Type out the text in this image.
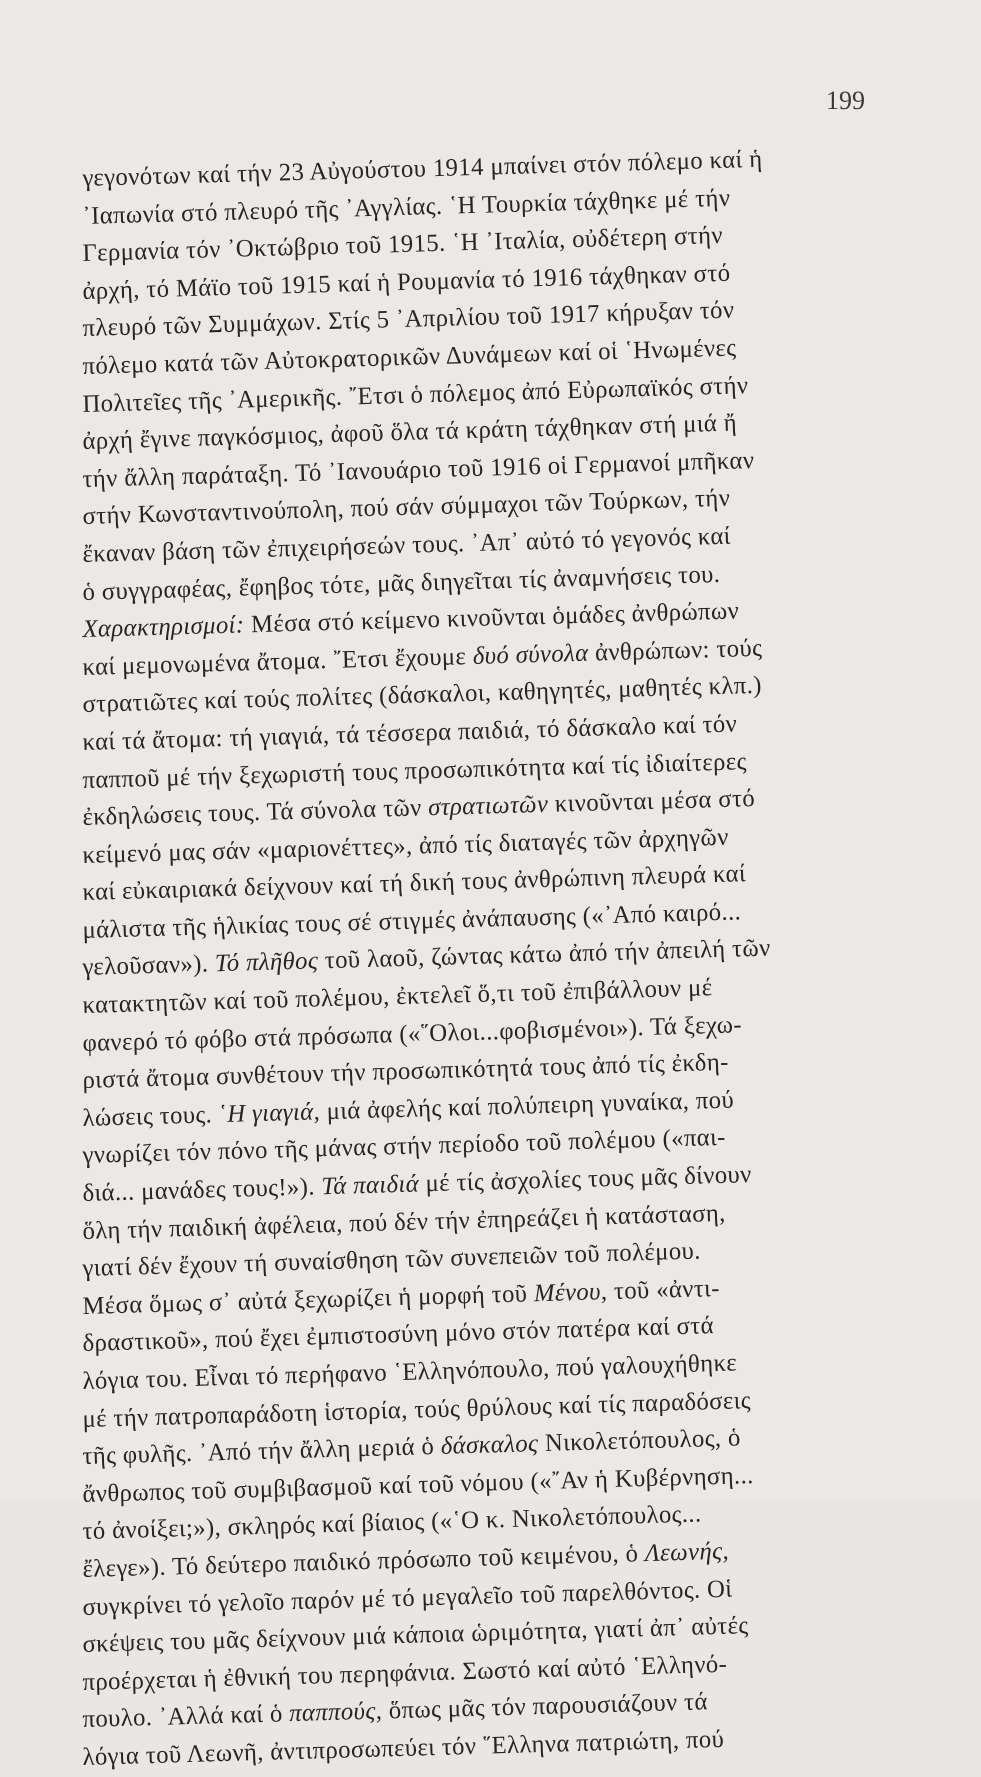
199
γεγονότων καί τήν 23 Αὐγούστου 1914 μπαίνει στόν πόλεμο καί ἡ
᾿Ιαπωνία στό πλευρό τῆς ᾿Αγγλίας. ῾Η Τουρκία τάχθηκε μέ τήν
Γερμανία τόν ᾿Οκτώβριο τοῦ 1915. ῾Η ᾿Ιταλία, οὐδέτερη στήν
ἀρχή, τό Μάϊο τοῦ 1915 καί ἡ Ρουμανία τό 1916 τάχθηκαν στό
πλευρό τῶν Συμμάχων. Στίς 5 ᾿Απριλίου τοῦ 1917 κήρυξαν τόν
πόλεμο κατά τῶν Αὐτοκρατορικῶν Δυνάμεων καί οἱ ῾Ηνωμένες
Πολιτεῖες τῆς ᾿Αμερικῆς. ῎Ετσι ὁ πόλεμος ἀπό Εὐρωπαϊκός στήν
ἀρχή ἔγινε παγκόσμιος, ἀφοῦ ὅλα τά κράτη τάχθηκαν στή μιά ἤ
τήν ἄλλη παράταξη. Τό ᾿Ιανουάριο τοῦ 1916 οἱ Γερμανοί μπῆκαν
στήν Κωνσταντινούπολη, πού σάν σύμμαχοι τῶν Τούρκων, τήν
ἔκαναν βάση τῶν ἐπιχειρήσεών τους. ᾿Απ᾿ αὐτό τό γεγονός καί
ὁ συγγραφέας, ἔφηβος τότε, μᾶς διηγεῖται τίς ἀναμνήσεις του.
Χαρακτηρισμοί: Μέσα στό κείμενο κινοῦνται ὁμάδες ἀνθρώπων
καί μεμονωμένα ἄτομα. ῎Ετσι ἔχουμε δυό σύνολα ἀνθρώπων: τούς
στρατιῶτες καί τούς πολίτες (δάσκαλοι, καθηγητές, μαθητές κλπ.)
καί τά ἄτομα: τή γιαγιά, τά τέσσερα παιδιά, τό δάσκαλο καί τόν
παπποῦ μέ τήν ξεχωριστή τους προσωπικότητα καί τίς ἰδιαίτερες
ἐκδηλώσεις τους. Τά σύνολα τῶν στρατιωτῶν κινοῦνται μέσα στό
κείμενό μας σάν «μαριονέττες», ἀπό τίς διαταγές τῶν ἀρχηγῶν
καί εὐκαιριακά δείχνουν καί τή δική τους ἀνθρώπινη πλευρά καί
μάλιστα τῆς ἡλικίας τους σέ στιγμές ἀνάπαυσης («᾿Από καιρό...
γελοῦσαν»). Τό πλῆθος τοῦ λαοῦ, ζώντας κάτω ἀπό τήν ἀπειλή τῶν
κατακτητῶν καί τοῦ πολέμου, ἐκτελεῖ ὅ,τι τοῦ ἐπιβάλλουν μέ
φανερό τό φόβο στά πρόσωπα («῞Ολοι...φοβισμένοι»). Τά ξεχω-
ριστά ἄτομα συνθέτουν τήν προσωπικότητά τους ἀπό τίς ἐκδη-
λώσεις τους. ῾Η γιαγιά, μιά ἀφελής καί πολύπειρη γυναίκα, πού
γνωρίζει τόν πόνο τῆς μάνας στήν περίοδο τοῦ πολέμου («παι-
διά... μανάδες τους!»). Τά παιδιά μέ τίς ἀσχολίες τους μᾶς δίνουν
ὅλη τήν παιδική ἀφέλεια, πού δέν τήν ἐπηρεάζει ἡ κατάσταση,
γιατί δέν ἔχουν τή συναίσθηση τῶν συνεπειῶν τοῦ πολέμου.
Μέσα ὅμως σ᾿ αὐτά ξεχωρίζει ἡ μορφή τοῦ Μένου, τοῦ «ἀντι-
δραστικοῦ», πού ἔχει ἐμπιστοσύνη μόνο στόν πατέρα καί στά
λόγια του. Εἶναι τό περήφανο ῾Ελληνόπουλο, πού γαλουχήθηκε
μέ τήν πατροπαράδοτη ἱστορία, τούς θρύλους καί τίς παραδόσεις
τῆς φυλῆς. ᾿Από τήν ἄλλη μεριά ὁ δάσκαλος Νικολετόπουλος, ὁ
ἄνθρωπος τοῦ συμβιβασμοῦ καί τοῦ νόμου («῎Αν ἡ Κυβέρνηση...
τό ἀνοίξει;»), σκληρός καί βίαιος («῾Ο κ. Νικολετόπουλος...
ἔλεγε»). Τό δεύτερο παιδικό πρόσωπο τοῦ κειμένου, ὁ Λεωνής,
συγκρίνει τό γελοῖο παρόν μέ τό μεγαλεῖο τοῦ παρελθόντος. Οἱ
σκέψεις του μᾶς δείχνουν μιά κάποια ὡριμότητα, γιατί ἀπ᾿ αὐτές
προέρχεται ἡ ἐθνική του περηφάνια. Σωστό καί αὐτό ῾Ελληνό-
πουλο. ᾿Αλλά καί ὁ παππούς, ὅπως μᾶς τόν παρουσιάζουν τά
λόγια τοῦ Λεωνῆ, ἀντιπροσωπεύει τόν ῞Ελληνα πατριώτη, πού
